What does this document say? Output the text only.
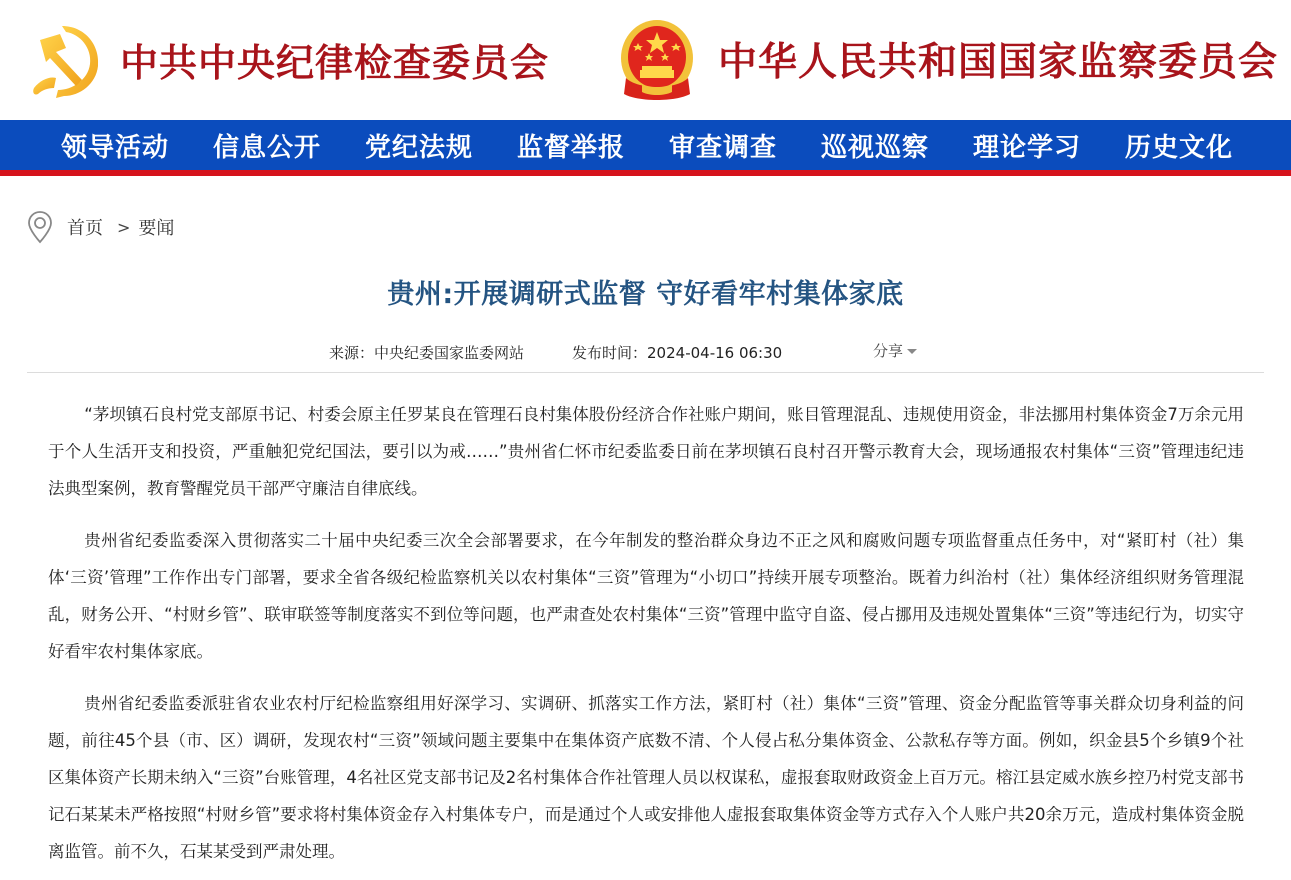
中共中央纪律检查委员会	中华人民共和国国家监察委员会
领导活动	信息公开	党纪法规	监督举报	审查调查	巡视巡察	理论学习	历史文化
首页 > 要闻
贵州:开展调研式监督 守好看牢村集体家底
来源：中央纪委国家监委网站	发布时间：2024-04-16 06:30	分享

“茅坝镇石良村党支部原书记、村委会原主任罗某良在管理石良村集体股份经济合作社账户期间，账目管理混乱、违规使用资金，非法挪用村集体资金7万余元用于个人生活开支和投资，严重触犯党纪国法，要引以为戒……”贵州省仁怀市纪委监委日前在茅坝镇石良村召开警示教育大会，现场通报农村集体“三资”管理违纪违法典型案例，教育警醒党员干部严守廉洁自律底线。

贵州省纪委监委深入贯彻落实二十届中央纪委三次全会部署要求，在今年制发的整治群众身边不正之风和腐败问题专项监督重点任务中，对“紧盯村（社）集体‘三资’管理”工作作出专门部署，要求全省各级纪检监察机关以农村集体“三资”管理为“小切口”持续开展专项整治。既着力纠治村（社）集体经济组织财务管理混乱，财务公开、“村财乡管”、联审联签等制度落实不到位等问题，也严肃查处农村集体“三资”管理中监守自盗、侵占挪用及违规处置集体“三资”等违纪行为，切实守好看牢农村集体家底。

贵州省纪委监委派驻省农业农村厅纪检监察组用好深学习、实调研、抓落实工作方法，紧盯村（社）集体“三资”管理、资金分配监管等事关群众切身利益的问题，前往45个县（市、区）调研，发现农村“三资”领域问题主要集中在集体资产底数不清、个人侵占私分集体资金、公款私存等方面。例如，织金县5个乡镇9个社区集体资产长期未纳入“三资”台账管理，4名社区党支部书记及2名村集体合作社管理人员以权谋私，虚报套取财政资金上百万元。榕江县定威水族乡控乃村党支部书记石某某未严格按照“村财乡管”要求将村集体资金存入村集体专户，而是通过个人或安排他人虚报套取集体资金等方式存入个人账户共20余万元，造成村集体资金脱离监管。前不久，石某某受到严肃处理。
